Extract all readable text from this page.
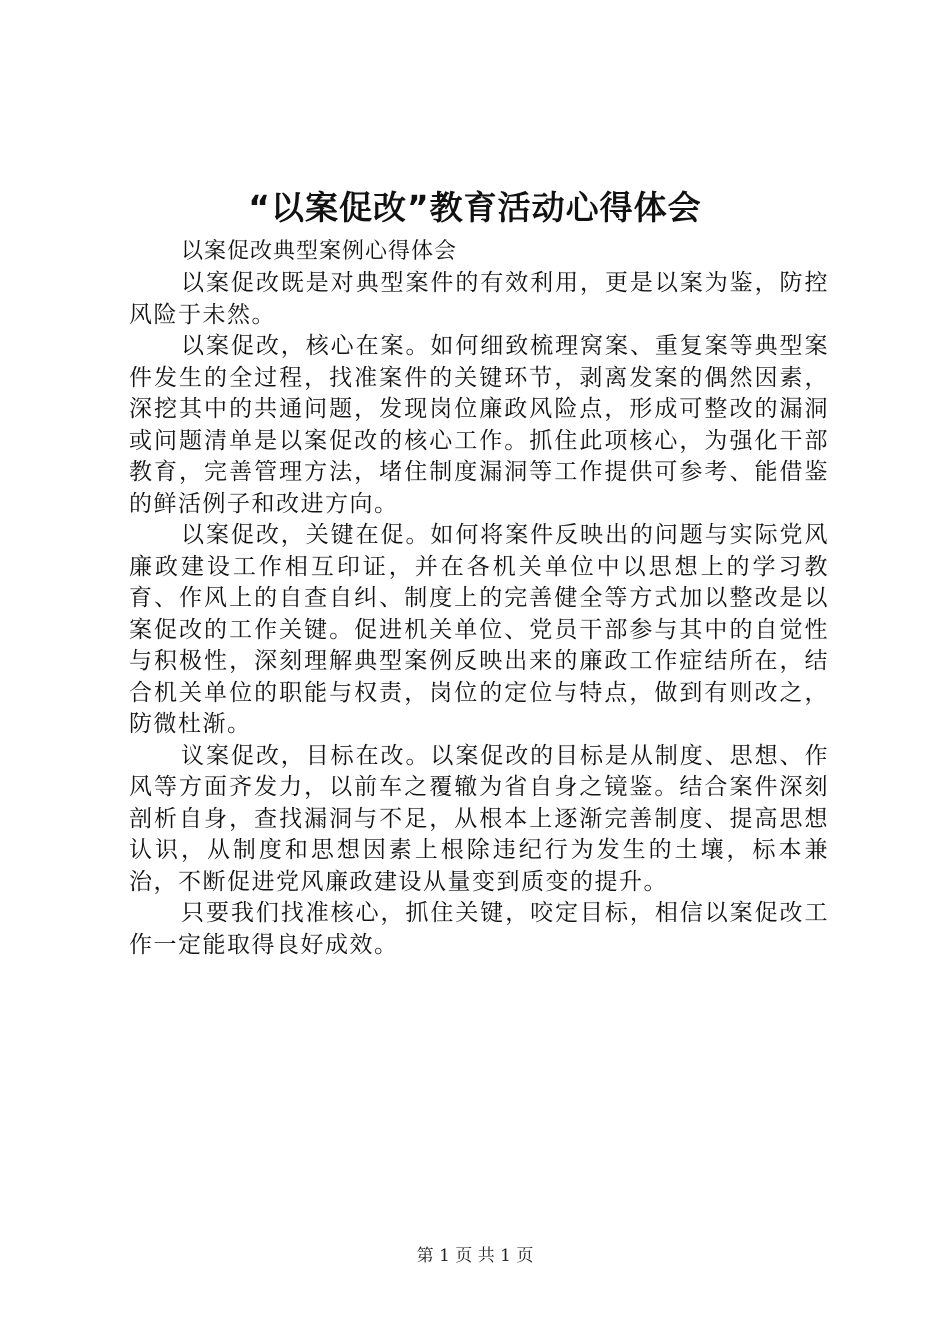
“以案促改”教育活动心得体会

以案促改典型案例心得体会

以案促改既是对典型案件的有效利用，更是以案为鉴，防控风险于未然。

以案促改，核心在案。如何细致梳理窝案、重复案等典型案件发生的全过程，找准案件的关键环节，剥离发案的偶然因素，深挖其中的共通问题，发现岗位廉政风险点，形成可整改的漏洞或问题清单是以案促改的核心工作。抓住此项核心，为强化干部教育，完善管理方法，堵住制度漏洞等工作提供可参考、能借鉴的鲜活例子和改进方向。

以案促改，关键在促。如何将案件反映出的问题与实际党风廉政建设工作相互印证，并在各机关单位中以思想上的学习教育、作风上的自查自纠、制度上的完善健全等方式加以整改是以案促改的工作关键。促进机关单位、党员干部参与其中的自觉性与积极性，深刻理解典型案例反映出来的廉政工作症结所在，结合机关单位的职能与权责，岗位的定位与特点，做到有则改之，防微杜渐。

议案促改，目标在改。以案促改的目标是从制度、思想、作风等方面齐发力，以前车之覆辙为省自身之镜鉴。结合案件深刻剖析自身，查找漏洞与不足，从根本上逐渐完善制度、提高思想认识，从制度和思想因素上根除违纪行为发生的土壤，标本兼治，不断促进党风廉政建设从量变到质变的提升。

只要我们找准核心，抓住关键，咬定目标，相信以案促改工作一定能取得良好成效。

第 1 页 共 1 页
